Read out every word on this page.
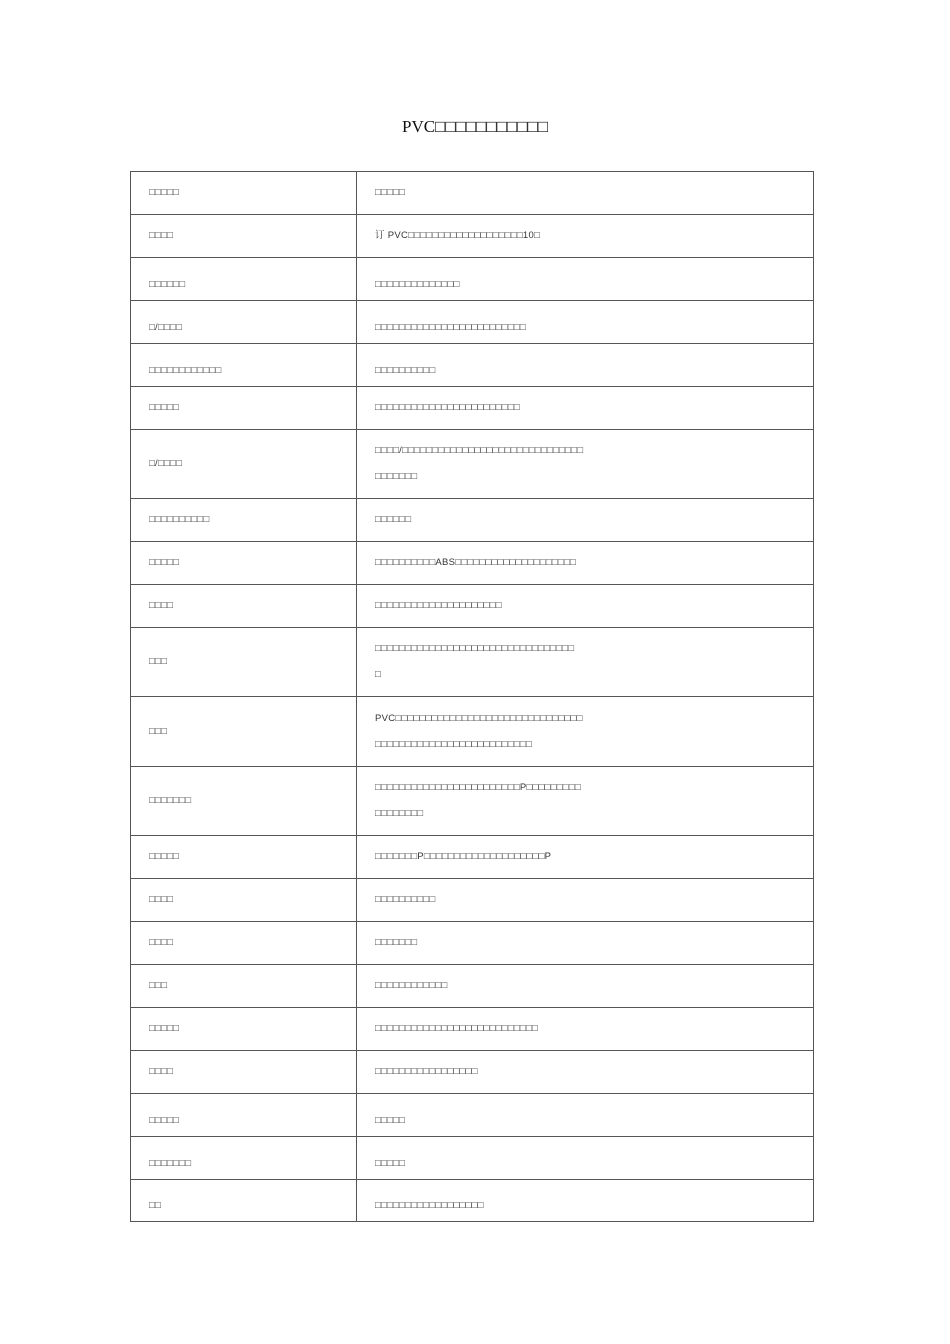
PVC□□□□□□□□□□□
□□□□□	□□□□□

□□□□	订 PVC□□□□□□□□□□□□□□□□□□□10□

□□□□□□	□□□□□□□□□□□□□□

□/□□□□	□□□□□□□□□□□□□□□□□□□□□□□□□

□□□□□□□□□□□□	□□□□□□□□□□

□□□□□	□□□□□□□□□□□□□□□□□□□□□□□□

□/□□□□	□□□□/□□□□□□□□□□□□□□□□□□□□□□□□□□□□□□
□□□□□□□

□□□□□□□□□□	□□□□□□

□□□□□	□□□□□□□□□□ABS□□□□□□□□□□□□□□□□□□□□

□□□□	□□□□□□□□□□□□□□□□□□□□□

□□□	□□□□□□□□□□□□□□□□□□□□□□□□□□□□□□□□□
□

□□□	PVC□□□□□□□□□□□□□□□□□□□□□□□□□□□□□□□
□□□□□□□□□□□□□□□□□□□□□□□□□□

□□□□□□□	□□□□□□□□□□□□□□□□□□□□□□□□P□□□□□□□□□
□□□□□□□□

□□□□□	□□□□□□□P□□□□□□□□□□□□□□□□□□□□P

□□□□	□□□□□□□□□□

□□□□	□□□□□□□

□□□	□□□□□□□□□□□□

□□□□□	□□□□□□□□□□□□□□□□□□□□□□□□□□□

□□□□	□□□□□□□□□□□□□□□□□

□□□□□	□□□□□

□□□□□□□	□□□□□

□□	□□□□□□□□□□□□□□□□□□
